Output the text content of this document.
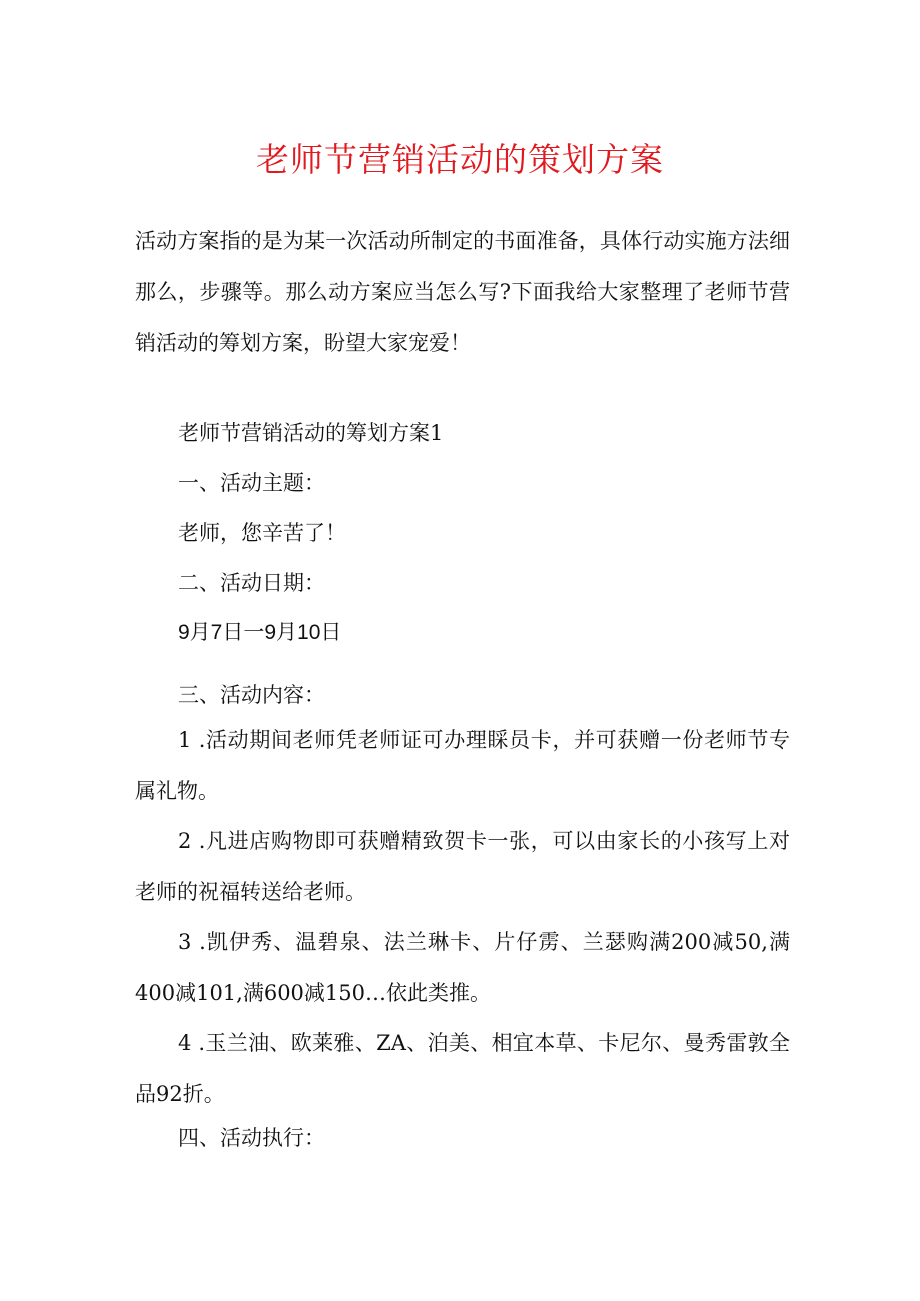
老师节营销活动的策划方案

活动方案指的是为某一次活动所制定的书面准备，具体行动实施方法细那么，步骤等。那么动方案应当怎么写?下面我给大家整理了老师节营销活动的筹划方案，盼望大家宠爱！

老师节营销活动的筹划方案1

一、活动主题：

老师，您辛苦了！

二、活动日期：

9月7日一9月10日

三、活动内容：

1 .活动期间老师凭老师证可办理睬员卡，并可获赠一份老师节专属礼物。

2 .凡进店购物即可获赠精致贺卡一张，可以由家长的小孩写上对老师的祝福转送给老师。

3 .凯伊秀、温碧泉、法兰琳卡、片仔雳、兰瑟购满200减50,满400减101,满600减150…依此类推。

4 .玉兰油、欧莱雅、ZA、泊美、相宜本草、卡尼尔、曼秀雷敦全品92折。

四、活动执行：
